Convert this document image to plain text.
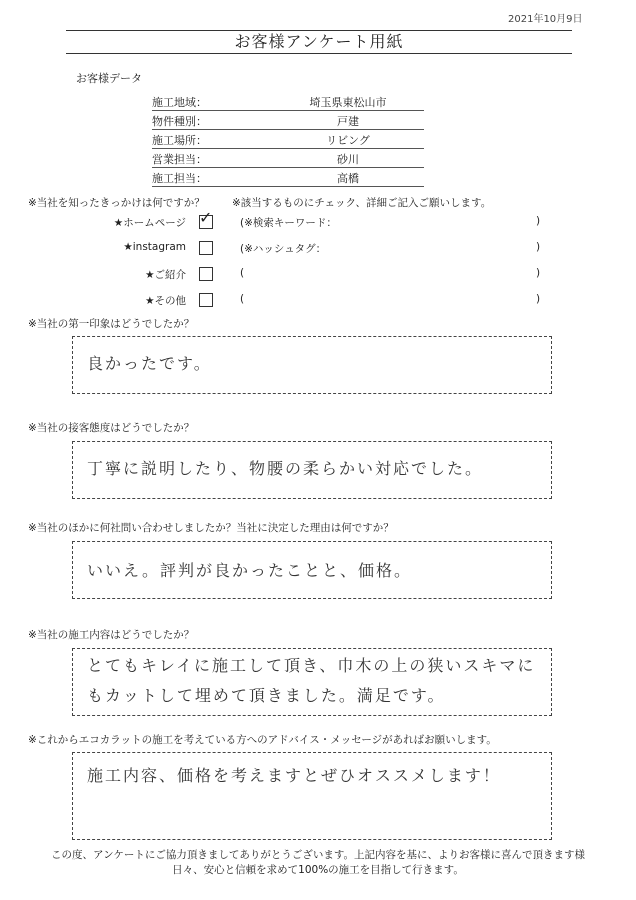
2021年10月9日
お客様アンケート用紙
お客様データ
施工地域：	埼玉県東松山市
物件種別：	戸建
施工場所：	リビング
営業担当：	砂川
施工担当：	高橋
※当社を知ったきっかけは何ですか？	※該当するものにチェック、詳細ご記入ご願いします。
★ホームページ ✓	(※検索キーワード：	)
★instagram	(※ハッシュタグ：	)
★ご紹介	(	)
★その他	(	)
※当社の第一印象はどうでしたか？
良かったです。
※当社の接客態度はどうでしたか？
丁寧に説明したり、物腰の柔らかい対応でした。
※当社のほかに何社問い合わせしましたか？当社に決定した理由は何ですか？
いいえ。評判が良かったことと、価格。
※当社の施工内容はどうでしたか？
とてもキレイに施工して頂き、巾木の上の狭いスキマにもカットして埋めて頂きました。満足です。
※これからエコカラットの施工を考えている方へのアドバイス・メッセージがあればお願いします。
施工内容、価格を考えますとぜひオススメします！
この度、アンケートにご協力頂きましてありがとうございます。上記内容を基に、よりお客様に喜んで頂きます様
日々、安心と信頼を求めて100%の施工を目指して行きます。
